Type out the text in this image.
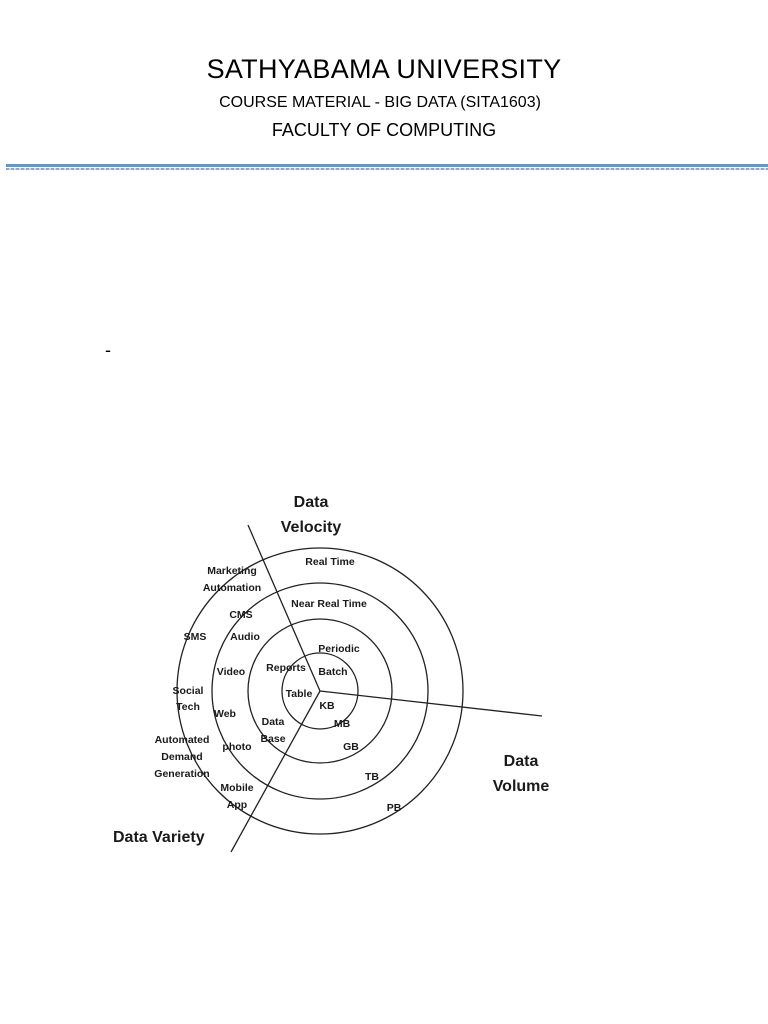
SATHYABAMA UNIVERSITY
COURSE MATERIAL - BIG DATA (SITA1603)
FACULTY OF COMPUTING
-
Data
Velocity
Data
Volume
Data Variety
Real Time
Near Real Time
Periodic
Batch
KB
MB
GB
TB
PB
Table
Reports
Data
Base
Video
Web
photo
CMS
Audio
Mobile
App
SMS
Social
Tech
Marketing
Automation
Automated
Demand
Generation
